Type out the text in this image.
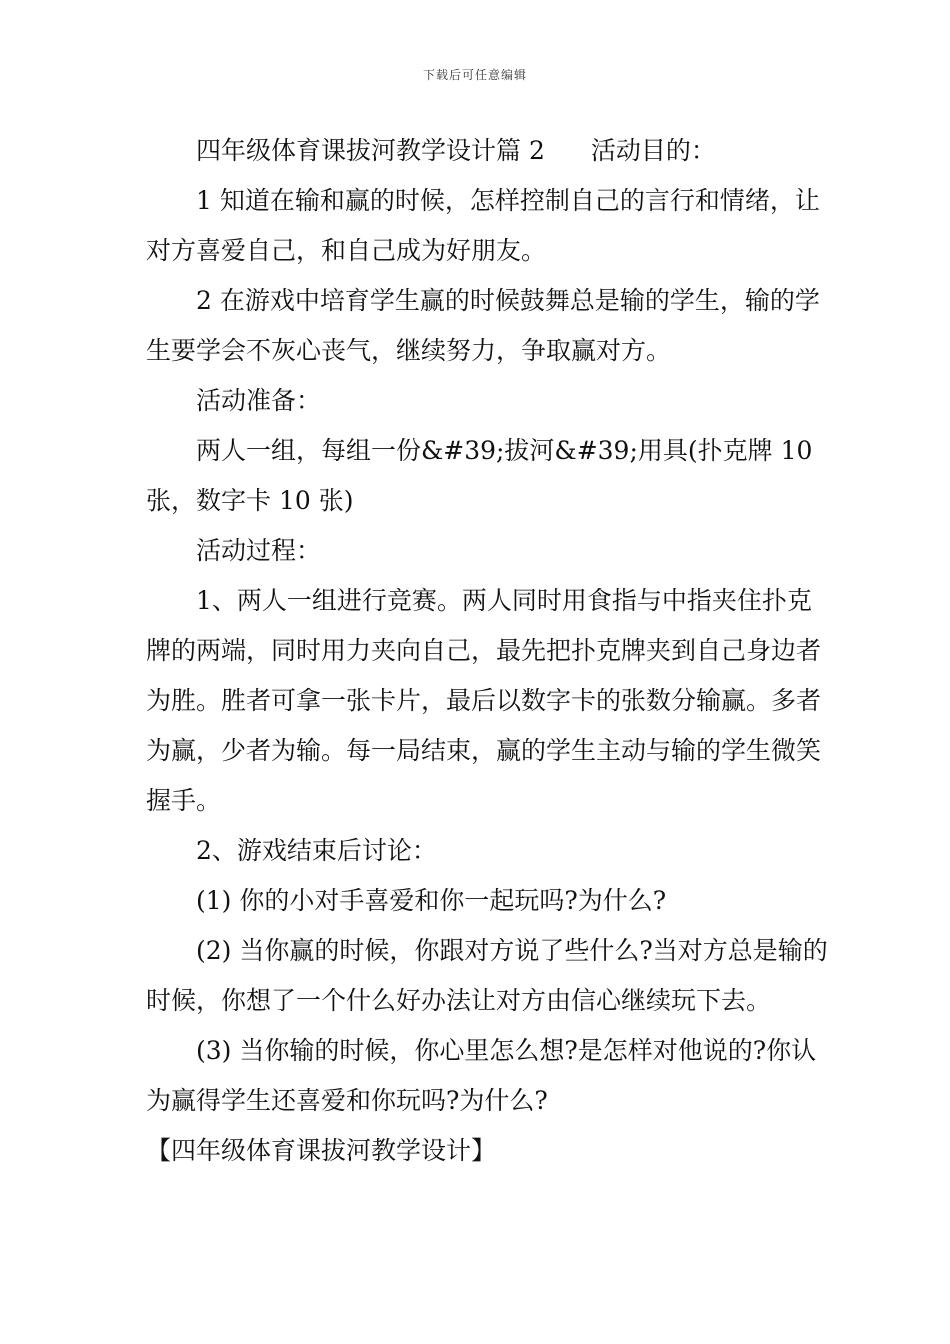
下载后可任意编辑

四年级体育课拔河教学设计篇 2 活动目的：

1 知道在输和赢的时候，怎样控制自己的言行和情绪，让对方喜爱自己，和自己成为好朋友。

2 在游戏中培育学生赢的时候鼓舞总是输的学生，输的学生要学会不灰心丧气，继续努力，争取赢对方。

活动准备：

两人一组，每组一份&#39;拔河&#39;用具(扑克牌 10 张，数字卡 10 张)

活动过程：

1、两人一组进行竞赛。两人同时用食指与中指夹住扑克牌的两端，同时用力夹向自己，最先把扑克牌夹到自己身边者为胜。胜者可拿一张卡片，最后以数字卡的张数分输赢。多者为赢，少者为输。每一局结束，赢的学生主动与输的学生微笑握手。

2、游戏结束后讨论：

(1) 你的小对手喜爱和你一起玩吗?为什么?

(2) 当你赢的时候，你跟对方说了些什么?当对方总是输的时候，你想了一个什么好办法让对方由信心继续玩下去。

(3) 当你输的时候，你心里怎么想?是怎样对他说的?你认为赢得学生还喜爱和你玩吗?为什么?

【四年级体育课拔河教学设计】
